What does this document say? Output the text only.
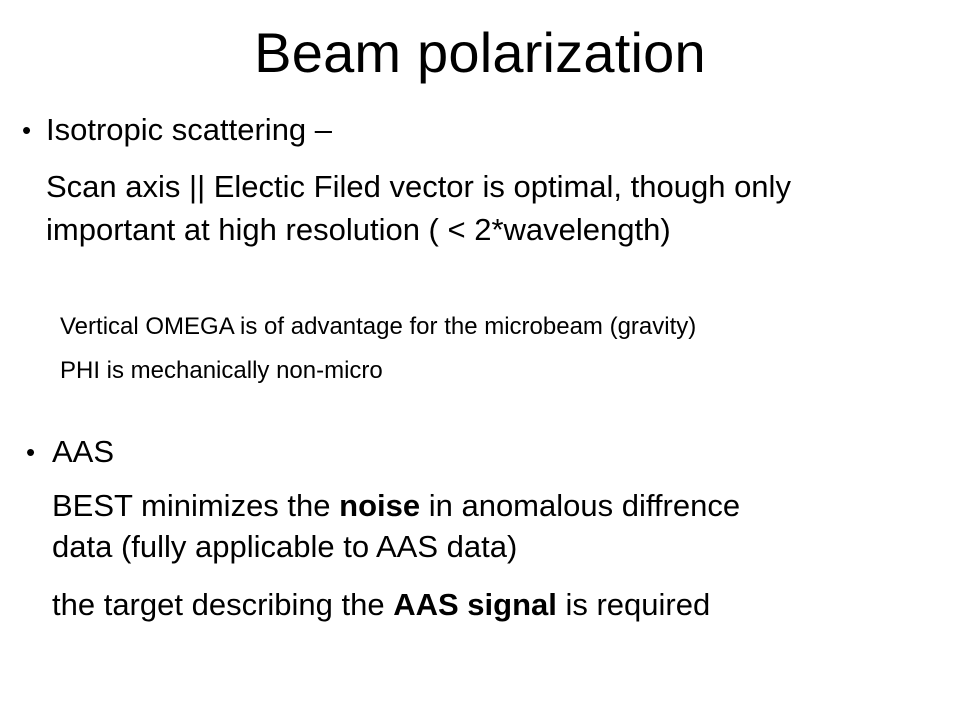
Beam polarization
• Isotropic scattering –
Scan axis || Electic Filed vector is optimal, though only
important at high resolution ( < 2*wavelength)
Vertical OMEGA is of advantage for the microbeam (gravity)
PHI is mechanically non-micro
• AAS
BEST minimizes the noise in anomalous diffrence
data (fully applicable to AAS data)
the target describing the AAS signal is required
